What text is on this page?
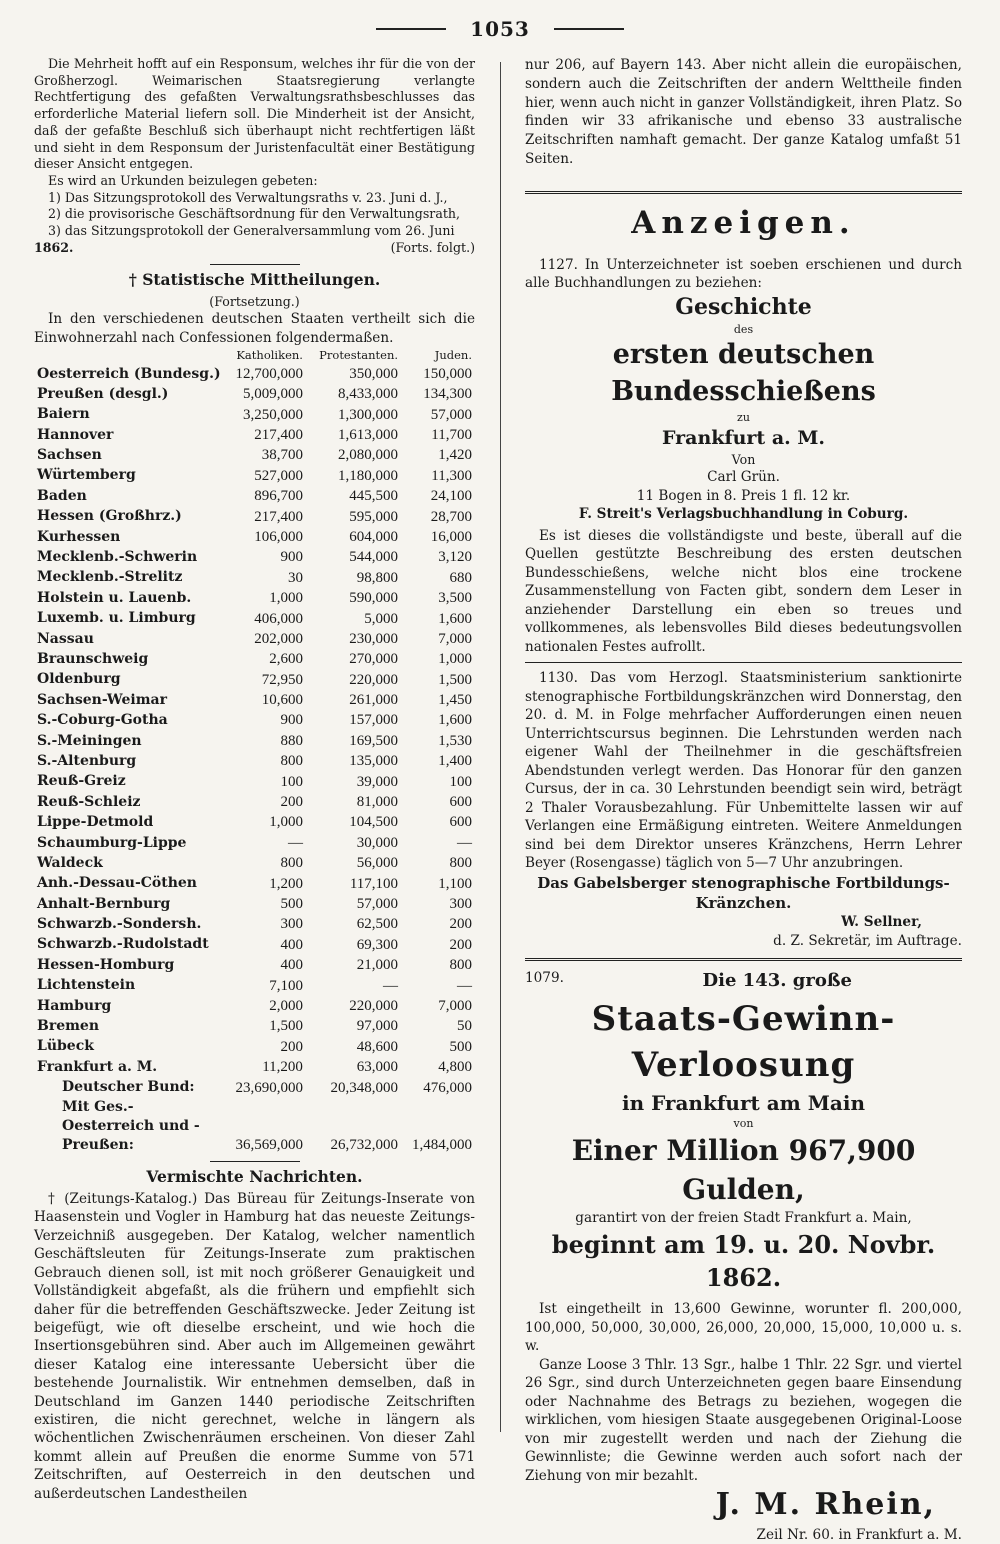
1053

Die Mehrheit hofft auf ein Responsum, welches ihr für die von der Großherzogl. Weimarischen Staatsregierung verlangte Rechtfertigung des gefaßten Verwaltungsrathsbeschlusses das erforderliche Material liefern soll. Die Minderheit ist der Ansicht, daß der gefaßte Beschluß sich überhaupt nicht rechtfertigen läßt und sieht in dem Responsum der Juristenfacultät einer Bestätigung dieser Ansicht entgegen.

Es wird an Urkunden beizulegen gebeten:

1) Das Sitzungsprotokoll des Verwaltungsraths v. 23. Juni d. J.,

2) die provisorische Geschäftsordnung für den Verwaltungsrath,

3) das Sitzungsprotokoll der Generalversammlung vom 26. Juni

1862.	(Forts. folgt.)
† Statistische Mittheilungen.
(Fortsetzung.)

In den verschiedenen deutschen Staaten vertheilt sich die Einwohnerzahl nach Confessionen folgendermaßen.

	Katholiken.	Protestanten.	Juden.
Oesterreich (Bundesg.)	12,700,000	350,000	150,000
Preußen (desgl.)	5,009,000	8,433,000	134,300
Baiern	3,250,000	1,300,000	57,000
Hannover	217,400	1,613,000	11,700
Sachsen	38,700	2,080,000	1,420
Würtemberg	527,000	1,180,000	11,300
Baden	896,700	445,500	24,100
Hessen (Großhrz.)	217,400	595,000	28,700
Kurhessen	106,000	604,000	16,000
Mecklenb.-Schwerin	900	544,000	3,120
Mecklenb.-Strelitz	30	98,800	680
Holstein u. Lauenb.	1,000	590,000	3,500
Luxemb. u. Limburg	406,000	5,000	1,600
Nassau	202,000	230,000	7,000
Braunschweig	2,600	270,000	1,000
Oldenburg	72,950	220,000	1,500
Sachsen-Weimar	10,600	261,000	1,450
S.-Coburg-Gotha	900	157,000	1,600
S.-Meiningen	880	169,500	1,530
S.-Altenburg	800	135,000	1,400
Reuß-Greiz	100	39,000	100
Reuß-Schleiz	200	81,000	600
Lippe-Detmold	1,000	104,500	600
Schaumburg-Lippe	—	30,000	—
Waldeck	800	56,000	800
Anh.-Dessau-Cöthen	1,200	117,100	1,100
Anhalt-Bernburg	500	57,000	300
Schwarzb.-Sondersh.	300	62,500	200
Schwarzb.-Rudolstadt	400	69,300	200
Hessen-Homburg	400	21,000	800
Lichtenstein	7,100	—	—
Hamburg	2,000	220,000	7,000
Bremen	1,500	97,000	50
Lübeck	200	48,600	500
Frankfurt a. M.	11,200	63,000	4,800
Deutscher Bund:	23,690,000	20,348,000	476,000
Mit Ges.-Oesterreich und -Preußen:	36,569,000	26,732,000	1,484,000
Vermischte Nachrichten.

† (Zeitungs-Katalog.) Das Büreau für Zeitungs-Inserate von Haasenstein und Vogler in Hamburg hat das neueste Zeitungs-Verzeichniß ausgegeben. Der Katalog, welcher namentlich Geschäftsleuten für Zeitungs-Inserate zum praktischen Gebrauch dienen soll, ist mit noch größerer Genauigkeit und Vollständigkeit abgefaßt, als die frühern und empfiehlt sich daher für die betreffenden Geschäftszwecke. Jeder Zeitung ist beigefügt, wie oft dieselbe erscheint, und wie hoch die Insertionsgebühren sind. Aber auch im Allgemeinen gewährt dieser Katalog eine interessante Uebersicht über die bestehende Journalistik. Wir entnehmen demselben, daß in Deutschland im Ganzen 1440 periodische Zeitschriften existiren, die nicht gerechnet, welche in längern als wöchentlichen Zwischenräumen erscheinen. Von dieser Zahl kommt allein auf Preußen die enorme Summe von 571 Zeitschriften, auf Oesterreich in den deutschen und außerdeutschen Landestheilen

nur 206, auf Bayern 143. Aber nicht allein die europäischen, sondern auch die Zeitschriften der andern Welttheile finden hier, wenn auch nicht in ganzer Vollständigkeit, ihren Platz. So finden wir 33 afrikanische und ebenso 33 australische Zeitschriften namhaft gemacht. Der ganze Katalog umfaßt 51 Seiten.

Anzeigen.

1127. In Unterzeichneter ist soeben erschienen und durch alle Buchhandlungen zu beziehen:

Geschichte
des
ersten deutschen Bundesschießens
zu
Frankfurt a. M.
Von
Carl Grün.
11 Bogen in 8. Preis 1 fl. 12 kr.
F. Streit's Verlagsbuchhandlung in Coburg.

Es ist dieses die vollständigste und beste, überall auf die Quellen gestützte Beschreibung des ersten deutschen Bundesschießens, welche nicht blos eine trockene Zusammenstellung von Facten gibt, sondern dem Leser in anziehender Darstellung ein eben so treues und vollkommenes, als lebensvolles Bild dieses bedeutungsvollen nationalen Festes aufrollt.

1130. Das vom Herzogl. Staatsministerium sanktionirte stenographische Fortbildungskränzchen wird Donnerstag, den 20. d. M. in Folge mehrfacher Aufforderungen einen neuen Unterrichtscursus beginnen. Die Lehrstunden werden nach eigener Wahl der Theilnehmer in die geschäftsfreien Abendstunden verlegt werden. Das Honorar für den ganzen Cursus, der in ca. 30 Lehrstunden beendigt sein wird, beträgt 2 Thaler Vorausbezahlung. Für Unbemittelte lassen wir auf Verlangen eine Ermäßigung eintreten. Weitere Anmeldungen sind bei dem Direktor unseres Kränzchens, Herrn Lehrer Beyer (Rosengasse) täglich von 5—7 Uhr anzubringen.

Das Gabelsberger stenographische Fortbildungs-Kränzchen.
W. Sellner,
d. Z. Sekretär, im Auftrage.
1079.	Die 143. große
Staats-Gewinn-Verloosung
in Frankfurt am Main
von
Einer Million 967,900 Gulden,
garantirt von der freien Stadt Frankfurt a. Main,
beginnt am 19. u. 20. Novbr. 1862.

Ist eingetheilt in 13,600 Gewinne, worunter fl. 200,000, 100,000, 50,000, 30,000, 26,000, 20,000, 15,000, 10,000 u. s. w.

Ganze Loose 3 Thlr. 13 Sgr., halbe 1 Thlr. 22 Sgr. und viertel 26 Sgr., sind durch Unterzeichneten gegen baare Einsendung oder Nachnahme des Betrags zu beziehen, wogegen die wirklichen, vom hiesigen Staate ausgegebenen Original-Loose von mir zugestellt werden und nach der Ziehung die Gewinnliste; die Gewinne werden auch sofort nach der Ziehung von mir bezahlt.

J. M. Rhein,
Zeil Nr. 60. in Frankfurt a. M.
